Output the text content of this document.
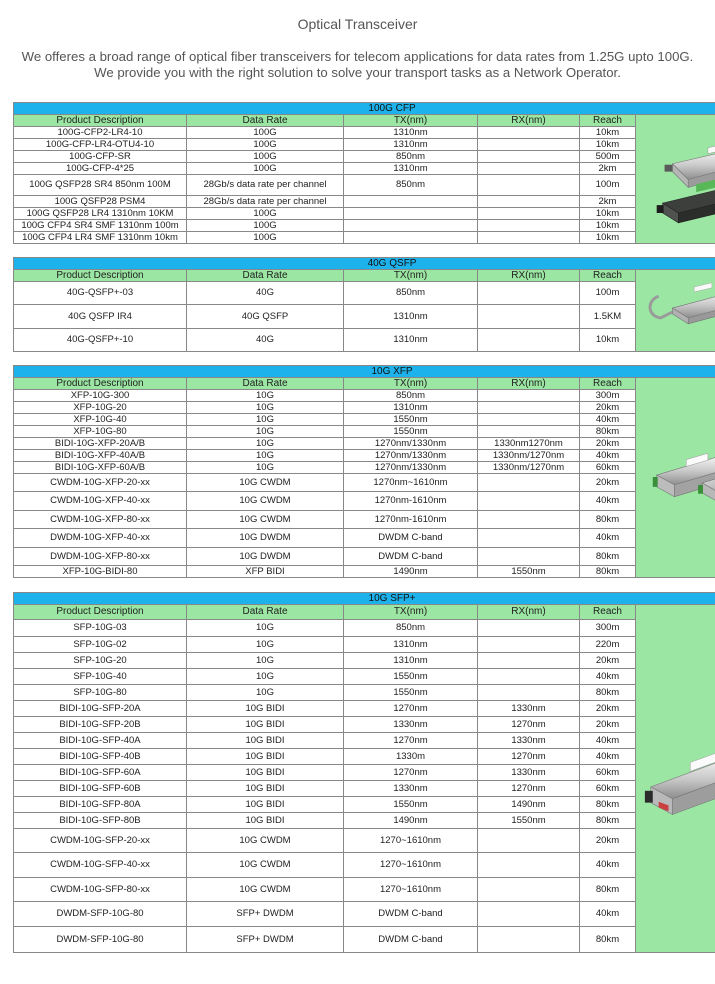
Optical Transceiver
We offeres a broad range of optical fiber transceivers for telecom applications for data rates from 1.25G upto 100G.
We provide you with the right solution to solve your transport tasks as a Network Operator.
100G CFP					
Product Description	Data Rate	TX(nm)	RX(nm)	Reach	

100G-CFP2-LR4-10	100G	1310nm		10km	
100G-CFP-LR4-OTU4-10	100G	1310nm		10km	
100G-CFP-SR	100G	850nm		500m	
100G-CFP-4*25	100G	1310nm		2km	
100G QSFP28 SR4 850nm 100M	28Gb/s data rate per channel	850nm		100m	
100G QSFP28 PSM4	28Gb/s data rate per channel			2km	
100G QSFP28 LR4 1310nm 10KM	100G			10km	
100G CFP4 SR4 SMF 1310nm 100m	100G			10km	
100G CFP4 LR4 SMF 1310nm 10km	100G			10km	
40G QSFP					
Product Description	Data Rate	TX(nm)	RX(nm)	Reach	

40G-QSFP+-03	40G	850nm		100m	
40G QSFP IR4	40G QSFP	1310nm		1.5KM	
40G-QSFP+-10	40G	1310nm		10km	
10G XFP					
Product Description	Data Rate	TX(nm)	RX(nm)	Reach	

XFP-10G-300	10G	850nm		300m	
XFP-10G-20	10G	1310nm		20km	
XFP-10G-40	10G	1550nm		40km	
XFP-10G-80	10G	1550nm		80km	
BIDI-10G-XFP-20A/B	10G	1270nm/1330nm	1330nm1270nm	20km	
BIDI-10G-XFP-40A/B	10G	1270nm/1330nm	1330nm/1270nm	40km	
BIDI-10G-XFP-60A/B	10G	1270nm/1330nm	1330nm/1270nm	60km	
CWDM-10G-XFP-20-xx	10G CWDM	1270nm~1610nm		20km	
CWDM-10G-XFP-40-xx	10G CWDM	1270nm-1610nm		40km	
CWDM-10G-XFP-80-xx	10G CWDM	1270nm-1610nm		80km	
DWDM-10G-XFP-40-xx	10G DWDM	DWDM C-band		40km	
DWDM-10G-XFP-80-xx	10G DWDM	DWDM C-band		80km	
XFP-10G-BIDI-80	XFP BIDI	1490nm	1550nm	80km	
10G SFP+					
Product Description	Data Rate	TX(nm)	RX(nm)	Reach	

SFP-10G-03	10G	850nm		300m	
SFP-10G-02	10G	1310nm		220m	
SFP-10G-20	10G	1310nm		20km	
SFP-10G-40	10G	1550nm		40km	
SFP-10G-80	10G	1550nm		80km	
BIDI-10G-SFP-20A	10G BIDI	1270nm	1330nm	20km	
BIDI-10G-SFP-20B	10G BIDI	1330nm	1270nm	20km	
BIDI-10G-SFP-40A	10G BIDI	1270nm	1330nm	40km	
BIDI-10G-SFP-40B	10G BIDI	1330m	1270nm	40km	
BIDI-10G-SFP-60A	10G BIDI	1270nm	1330nm	60km	
BIDI-10G-SFP-60B	10G BIDI	1330nm	1270nm	60km	
BIDI-10G-SFP-80A	10G BIDI	1550nm	1490nm	80km	
BIDI-10G-SFP-80B	10G BIDI	1490nm	1550nm	80km	
CWDM-10G-SFP-20-xx	10G CWDM	1270~1610nm		20km	
CWDM-10G-SFP-40-xx	10G CWDM	1270~1610nm		40km	
CWDM-10G-SFP-80-xx	10G CWDM	1270~1610nm		80km	
DWDM-SFP-10G-80	SFP+ DWDM	DWDM C-band		40km	
DWDM-SFP-10G-80	SFP+ DWDM	DWDM C-band		80km	
